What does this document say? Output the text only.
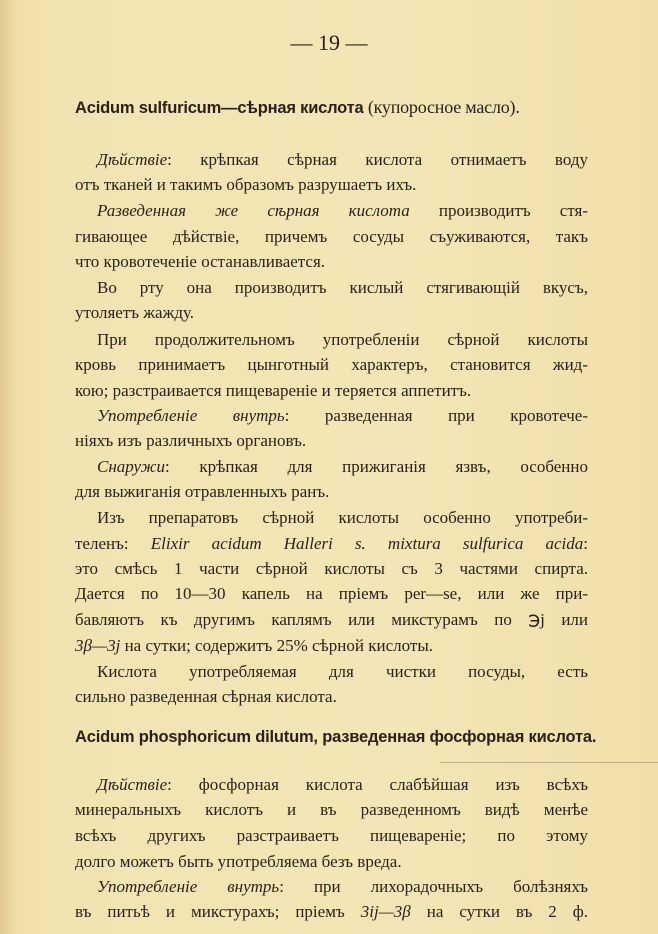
— 19 —
Acidum sulfuricum—сѣрная кислота (купоросное масло).
Дѣйствіе: крѣпкая сѣрная кислота отнимаетъ воду
отъ тканей и такимъ образомъ разрушаетъ ихъ.
Разведенная же сѣрная кислота производитъ стя-
гивающее дѣйствіе, причемъ сосуды съуживаются, такъ
что кровотеченіе останавливается.
Во рту она производитъ кислый стягивающій вкусъ,
утоляетъ жажду.
При продолжительномъ употребленіи сѣрной кислоты
кровь принимаетъ цынготный характеръ, становится жид-
кою; разстраивается пищевареніе и теряется аппетитъ.
Употребленіе внутрь: разведенная при кровотече-
ніяхъ изъ различныхъ органовъ.
Снаружи: крѣпкая для прижиганія язвъ, особенно
для выжиганія отравленныхъ ранъ.
Изъ препаратовъ сѣрной кислоты особенно употреби-
теленъ: Elixir acidum Halleri s. mixtura sulfurica acida:
это смѣсь 1 части сѣрной кислоты съ 3 частями спирта.
Дается по 10—30 капель на пріемъ per—se, или же при-
бавляютъ къ другимъ каплямъ или микстурамъ по ℈j или
3β—3j на сутки; содержитъ 25% сѣрной кислоты.
Кислота употребляемая для чистки посуды, есть
сильно разведенная сѣрная кислота.
Acidum phosphoricum dilutum, разведенная фосфорная кислота.
Дѣйствіе: фосфорная кислота слабѣйшая изъ всѣхъ
минеральныхъ кислотъ и въ разведенномъ видѣ менѣе
всѣхъ другихъ разстраиваетъ пищевареніе; по этому
долго можетъ быть употребляема безъ вреда.
Употребленіе внутрь: при лихорадочныхъ болѣзняхъ
въ питьѣ и микстурахъ; пріемъ 3ij—3β на сутки въ 2 ф.
